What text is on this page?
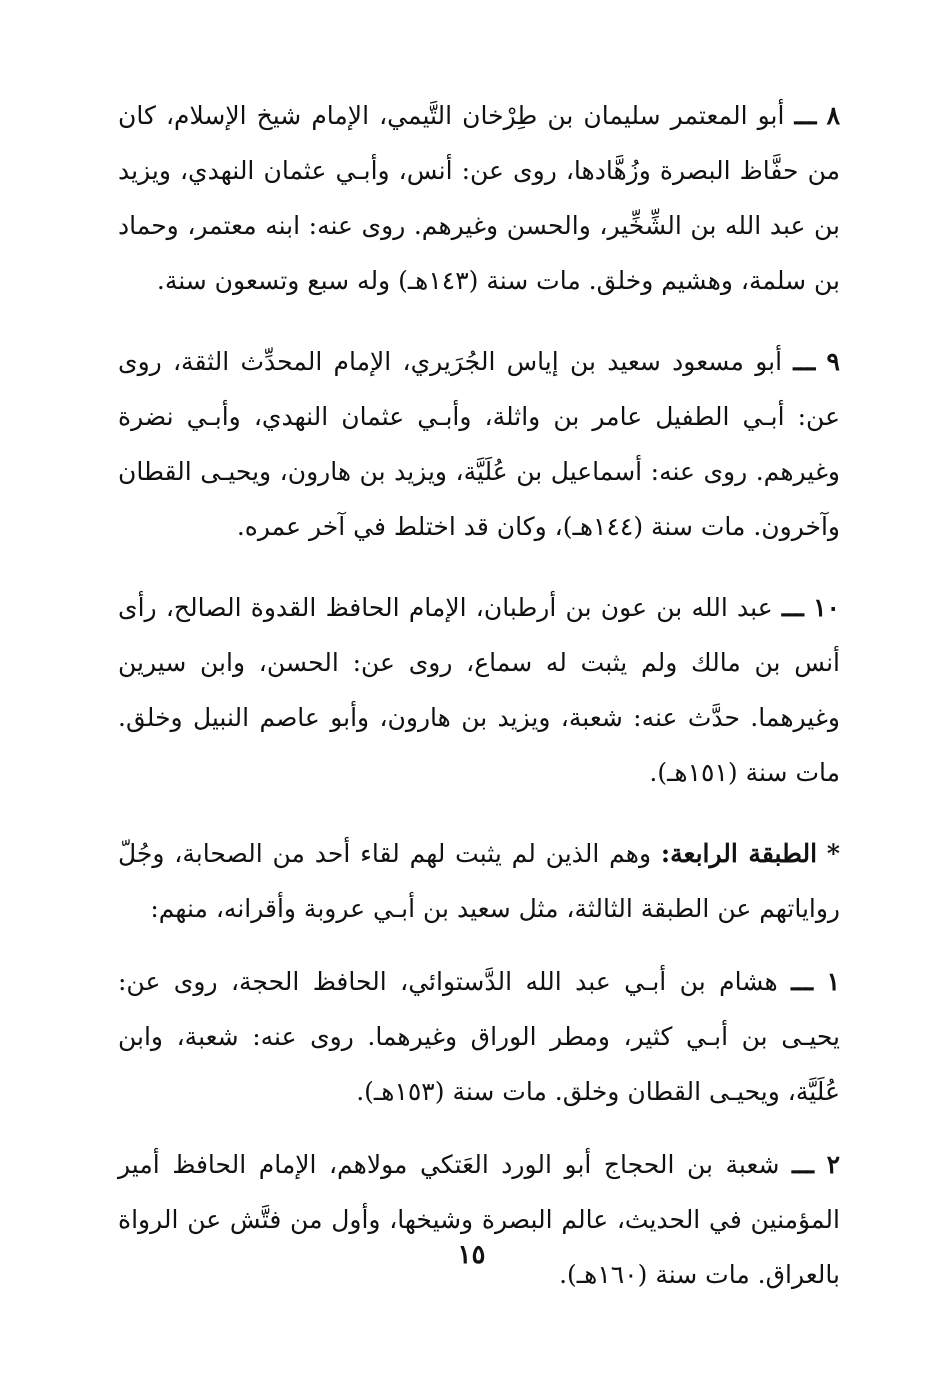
٨ ـــ أبو المعتمر سليمان بن طِرْخان التَّيمي، الإمام شيخ الإسلام، كان من حفَّاظ البصرة وزُهَّادها، روى عن: أنس، وأبـي عثمان النهدي، ويزيد بن عبد الله بن الشِّخِّير، والحسن وغيرهم. روى عنه: ابنه معتمر، وحماد بن سلمة، وهشيم وخلق. مات سنة (١٤٣هـ) وله سبع وتسعون سنة.

٩ ـــ أبو مسعود سعيد بن إياس الجُرَيري، الإمام المحدِّث الثقة، روى عن: أبـي الطفيل عامر بن واثلة، وأبـي عثمان النهدي، وأبـي نضرة وغيرهم. روى عنه: أسماعيل بن عُلَيَّة، ويزيد بن هارون، ويحيـى القطان وآخرون. مات سنة (١٤٤هـ)، وكان قد اختلط في آخر عمره.

١٠ ـــ عبد الله بن عون بن أرطبان، الإمام الحافظ القدوة الصالح، رأى أنس بن مالك ولم يثبت له سماع، روى عن: الحسن، وابن سيرين وغيرهما. حدَّث عنه: شعبة، ويزيد بن هارون، وأبو عاصم النبيل وخلق. مات سنة (١٥١هـ).

* الطبقة الرابعة: وهم الذين لم يثبت لهم لقاء أحد من الصحابة، وجُلّ رواياتهم عن الطبقة الثالثة، مثل سعيد بن أبـي عروبة وأقرانه، منهم:

١ ـــ هشام بن أبـي عبد الله الدَّستوائي، الحافظ الحجة، روى عن: يحيـى بن أبـي كثير، ومطر الوراق وغيرهما. روى عنه: شعبة، وابن عُلَيَّة، ويحيـى القطان وخلق. مات سنة (١٥٣هـ).

٢ ـــ شعبة بن الحجاج أبو الورد العَتكي مولاهم، الإمام الحافظ أمير المؤمنين في الحديث، عالم البصرة وشيخها، وأول من فتَّش عن الرواة بالعراق. مات سنة (١٦٠هـ).

١٥
